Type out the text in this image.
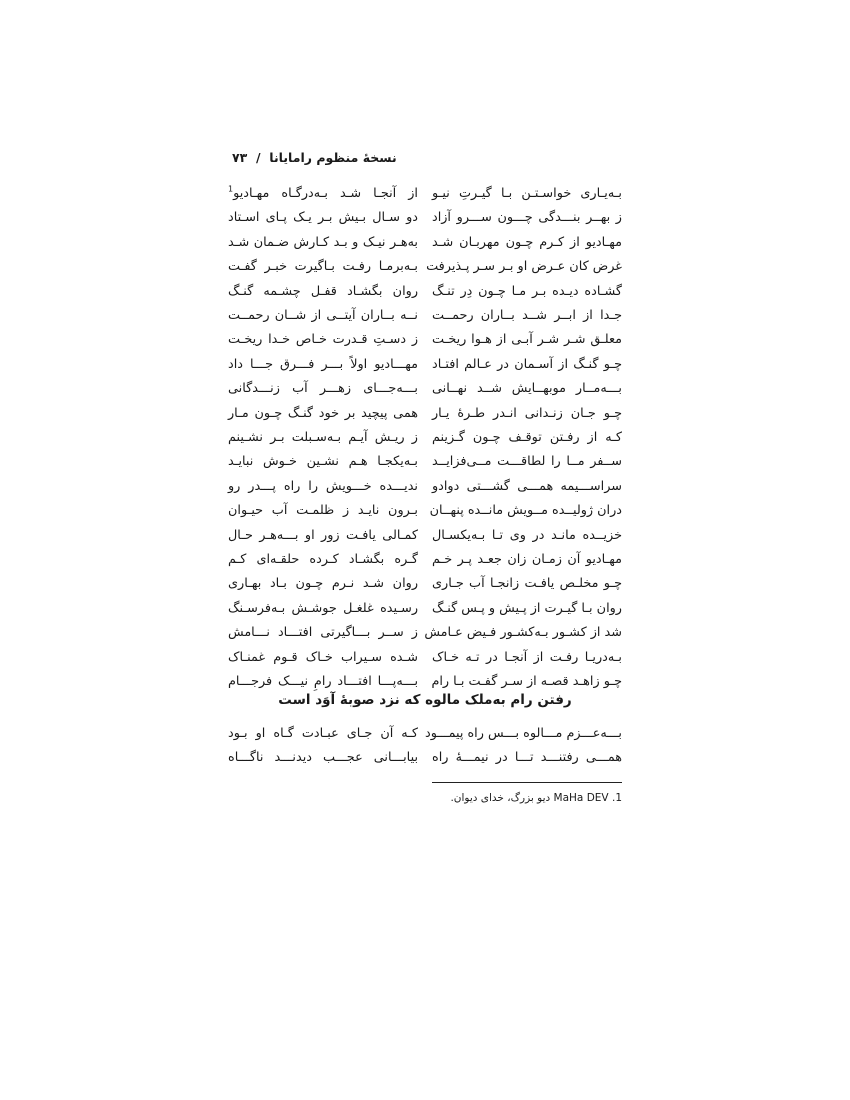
نسخهٔ منظوم رامایانا  /  ۷۳
بـه‌یـاری خواسـتـن بـا گیـرتِ نیـو
ز بهــر بنـــدگی چـــون ســـرو آزاد
مهـادیو از کـرم چـون مهربـان شـد
غرض کان عـرض او بـر سـر پـذیرفت
گشـاده دیـده بـر مـا چـون دِر تنـگ
جـدا از ابــر شــد بــاران رحمــت
معلـق شـر شـر آبـی از هـوا ریخـت
چـو گنـگ از آسـمان در عـالم افتـاد
بـــه‌مــار موبهــایش شــد نهــانی
چـو جـان زنـدانی انـدر طـرهٔ یـار
کـه از رفـتن توقـف چـون گـزینم
ســفر مــا را لطاقـــت مــی‌فزایــد
سراســـیمه همـــی گشـــتی دوادو
دران ژولیــده مــویش مانــده پنهــان
خزیــده مانـد در وی تـا بـه‌یکسـال
مهـادیو آن زمـان زان جعـد پـر خـم
چـو مخلـص یافـت زانجـا آب جـاری
روان بـا گیـرت از پـیش و پـس گنـگ
شد از کشـور بـه‌کشـور فـیض عـامش
بـه‌دریـا رفـت از آنجـا در تـه خـاک
چـو زاهـد قصـه از سـر گفـت بـا رام
از آنجـا شـد بـه‌درگـاه مهـادیو$^1$
دو سـال بـیش بـر یـک پـای اسـتاد
به‌هـر نیـک و بـد کـارش ضـمان شـد
بـه‌برمـا رفـت بـاگیرت خبـر گفـت
روان بگشـاد قفـل چشـمه گنـگ
نــه بــاران آیتــی از شــان رحمــت
ز دسـتِ قـدرت خـاص خـدا ریخـت
مهـــادیو اولاً بـــر فـــرق جـــا داد
بـــه‌جـــای زهـــر آب زنـــدگانی
همی پیچید بر خود گنـگ چـون مـار
ز ریـش آیـم بـه‌سـبلت بـر نشـینم
بـه‌یکجـا هـم نشـین خـوش نبایـد
ندیـــده خـــویش را راه پـــدر رو
بـرون نایـد ز ظلمـت آب حیـوان
کمـالی یافـت زور او بـــه‌هـر حـال
گـره بگشـاد کـرده حلقـه‌ای کـم
روان شـد نـرم چـون بـاد بهـاری
رسـیده غلغـل جوشـش بـه‌فرسـنگ
ز ســر بـــاگیرتی افتـــاد نـــامش
شـده سـیراب خـاک قـوم غمنـاک
بـــه‌پـــا افتـــاد رامِ نیـــک فرجـــام
رفتن رام به‌ملک مالوه که نزد صوبهٔ آوَد است
بـــه‌عـــزم مـــالوه بـــس راه پیمـــود
همـــی رفتنـــد تـــا در نیمـــهٔ راه
کـه آن جـای عبـادت گـاه او بـود
بیابـــانی عجـــب دیدنـــد ناگـــاه
1. MaHa DEV دیو بزرگ، خدای دیوان.
